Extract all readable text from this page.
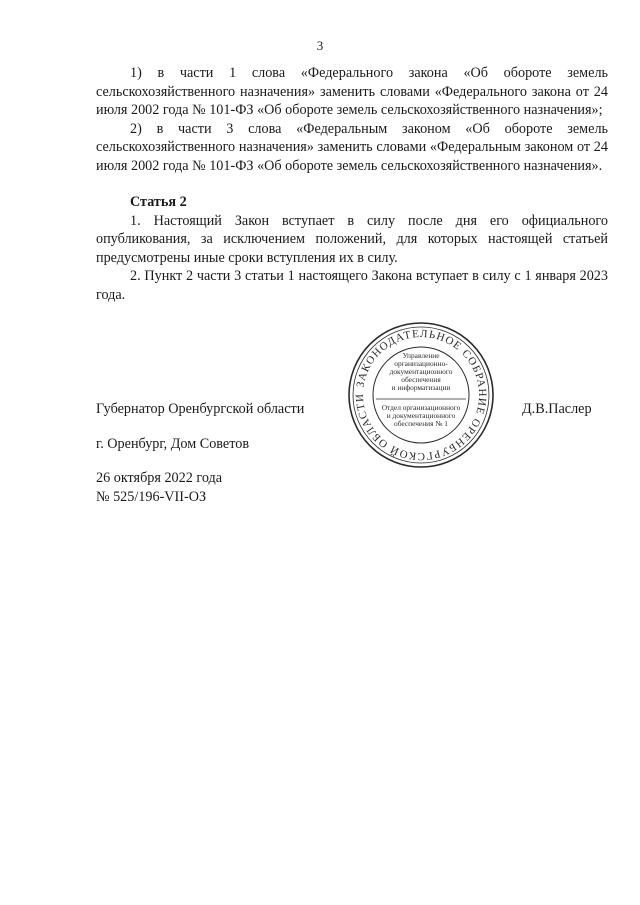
3

1) в части 1 слова «Федерального закона «Об обороте земель сельскохозяйственного назначения» заменить словами «Федерального закона от 24 июля 2002 года № 101-ФЗ «Об обороте земель сельскохозяйственного назначения»;

2) в части 3 слова «Федеральным законом «Об обороте земель сельскохозяйственного назначения» заменить словами «Федеральным законом от 24 июля 2002 года № 101-ФЗ «Об обороте земель сельскохозяйственного назначения».

Статья 2

1. Настоящий Закон вступает в силу после дня его официального опубликования, за исключением положений, для которых настоящей статьей предусмотрены иные сроки вступления их в силу.

2. Пункт 2 части 3 статьи 1 настоящего Закона вступает в силу с 1 января 2023 года.

Губернатор Оренбургской области	Д.В.Паслер
ЗАКОНОДАТЕЛЬНОЕ СОБРАНИЕ ОРЕНБУРГСКОЙ ОБЛАСТИ
Управление
организационно-
документационного
обеспечения
и информатизации
Отдел организационного
и документационного
обеспечения № 1
г. Оренбург, Дом Советов
26 октября 2022 года
№ 525/196-VII-ОЗ
